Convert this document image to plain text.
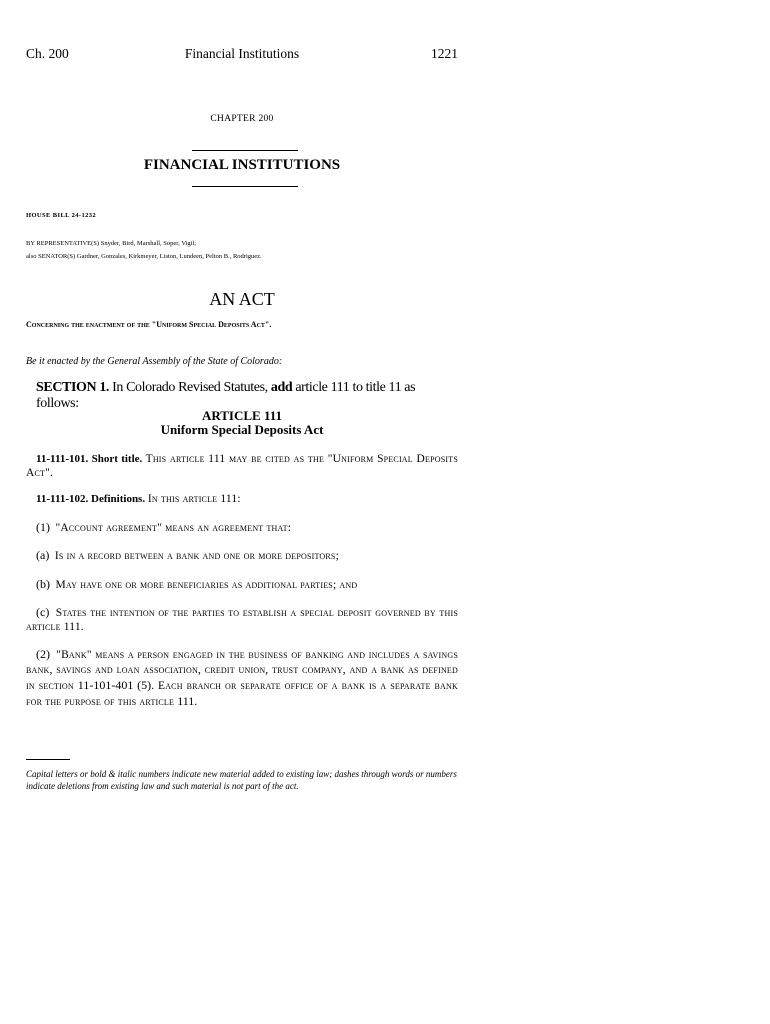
Ch. 200	Financial Institutions	1221
CHAPTER 200
FINANCIAL INSTITUTIONS
HOUSE BILL 24-1232
BY REPRESENTATIVE(S) Snyder, Bird, Marshall, Soper, Vigil;
also SENATOR(S) Gardner, Gonzales, Kirkmeyer, Liston, Lundeen, Pelton B., Rodriguez.
AN ACT
Concerning the enactment of the "Uniform Special Deposits Act".
Be it enacted by the General Assembly of the State of Colorado:
SECTION 1. In Colorado Revised Statutes, add article 111 to title 11 as follows:
ARTICLE 111
Uniform Special Deposits Act
11-111-101. Short title. This article 111 may be cited as the "Uniform Special Deposits Act".
11-111-102. Definitions. In this article 111:
(1) "Account agreement" means an agreement that:
(a) Is in a record between a bank and one or more depositors;
(b) May have one or more beneficiaries as additional parties; and
(c) States the intention of the parties to establish a special deposit governed by this article 111.
(2) "Bank" means a person engaged in the business of banking and includes a savings bank, savings and loan association, credit union, trust company, and a bank as defined in section 11-101-401 (5). Each branch or separate office of a bank is a separate bank for the purpose of this article 111.
Capital letters or bold & italic numbers indicate new material added to existing law; dashes through words or numbers indicate deletions from existing law and such material is not part of the act.
